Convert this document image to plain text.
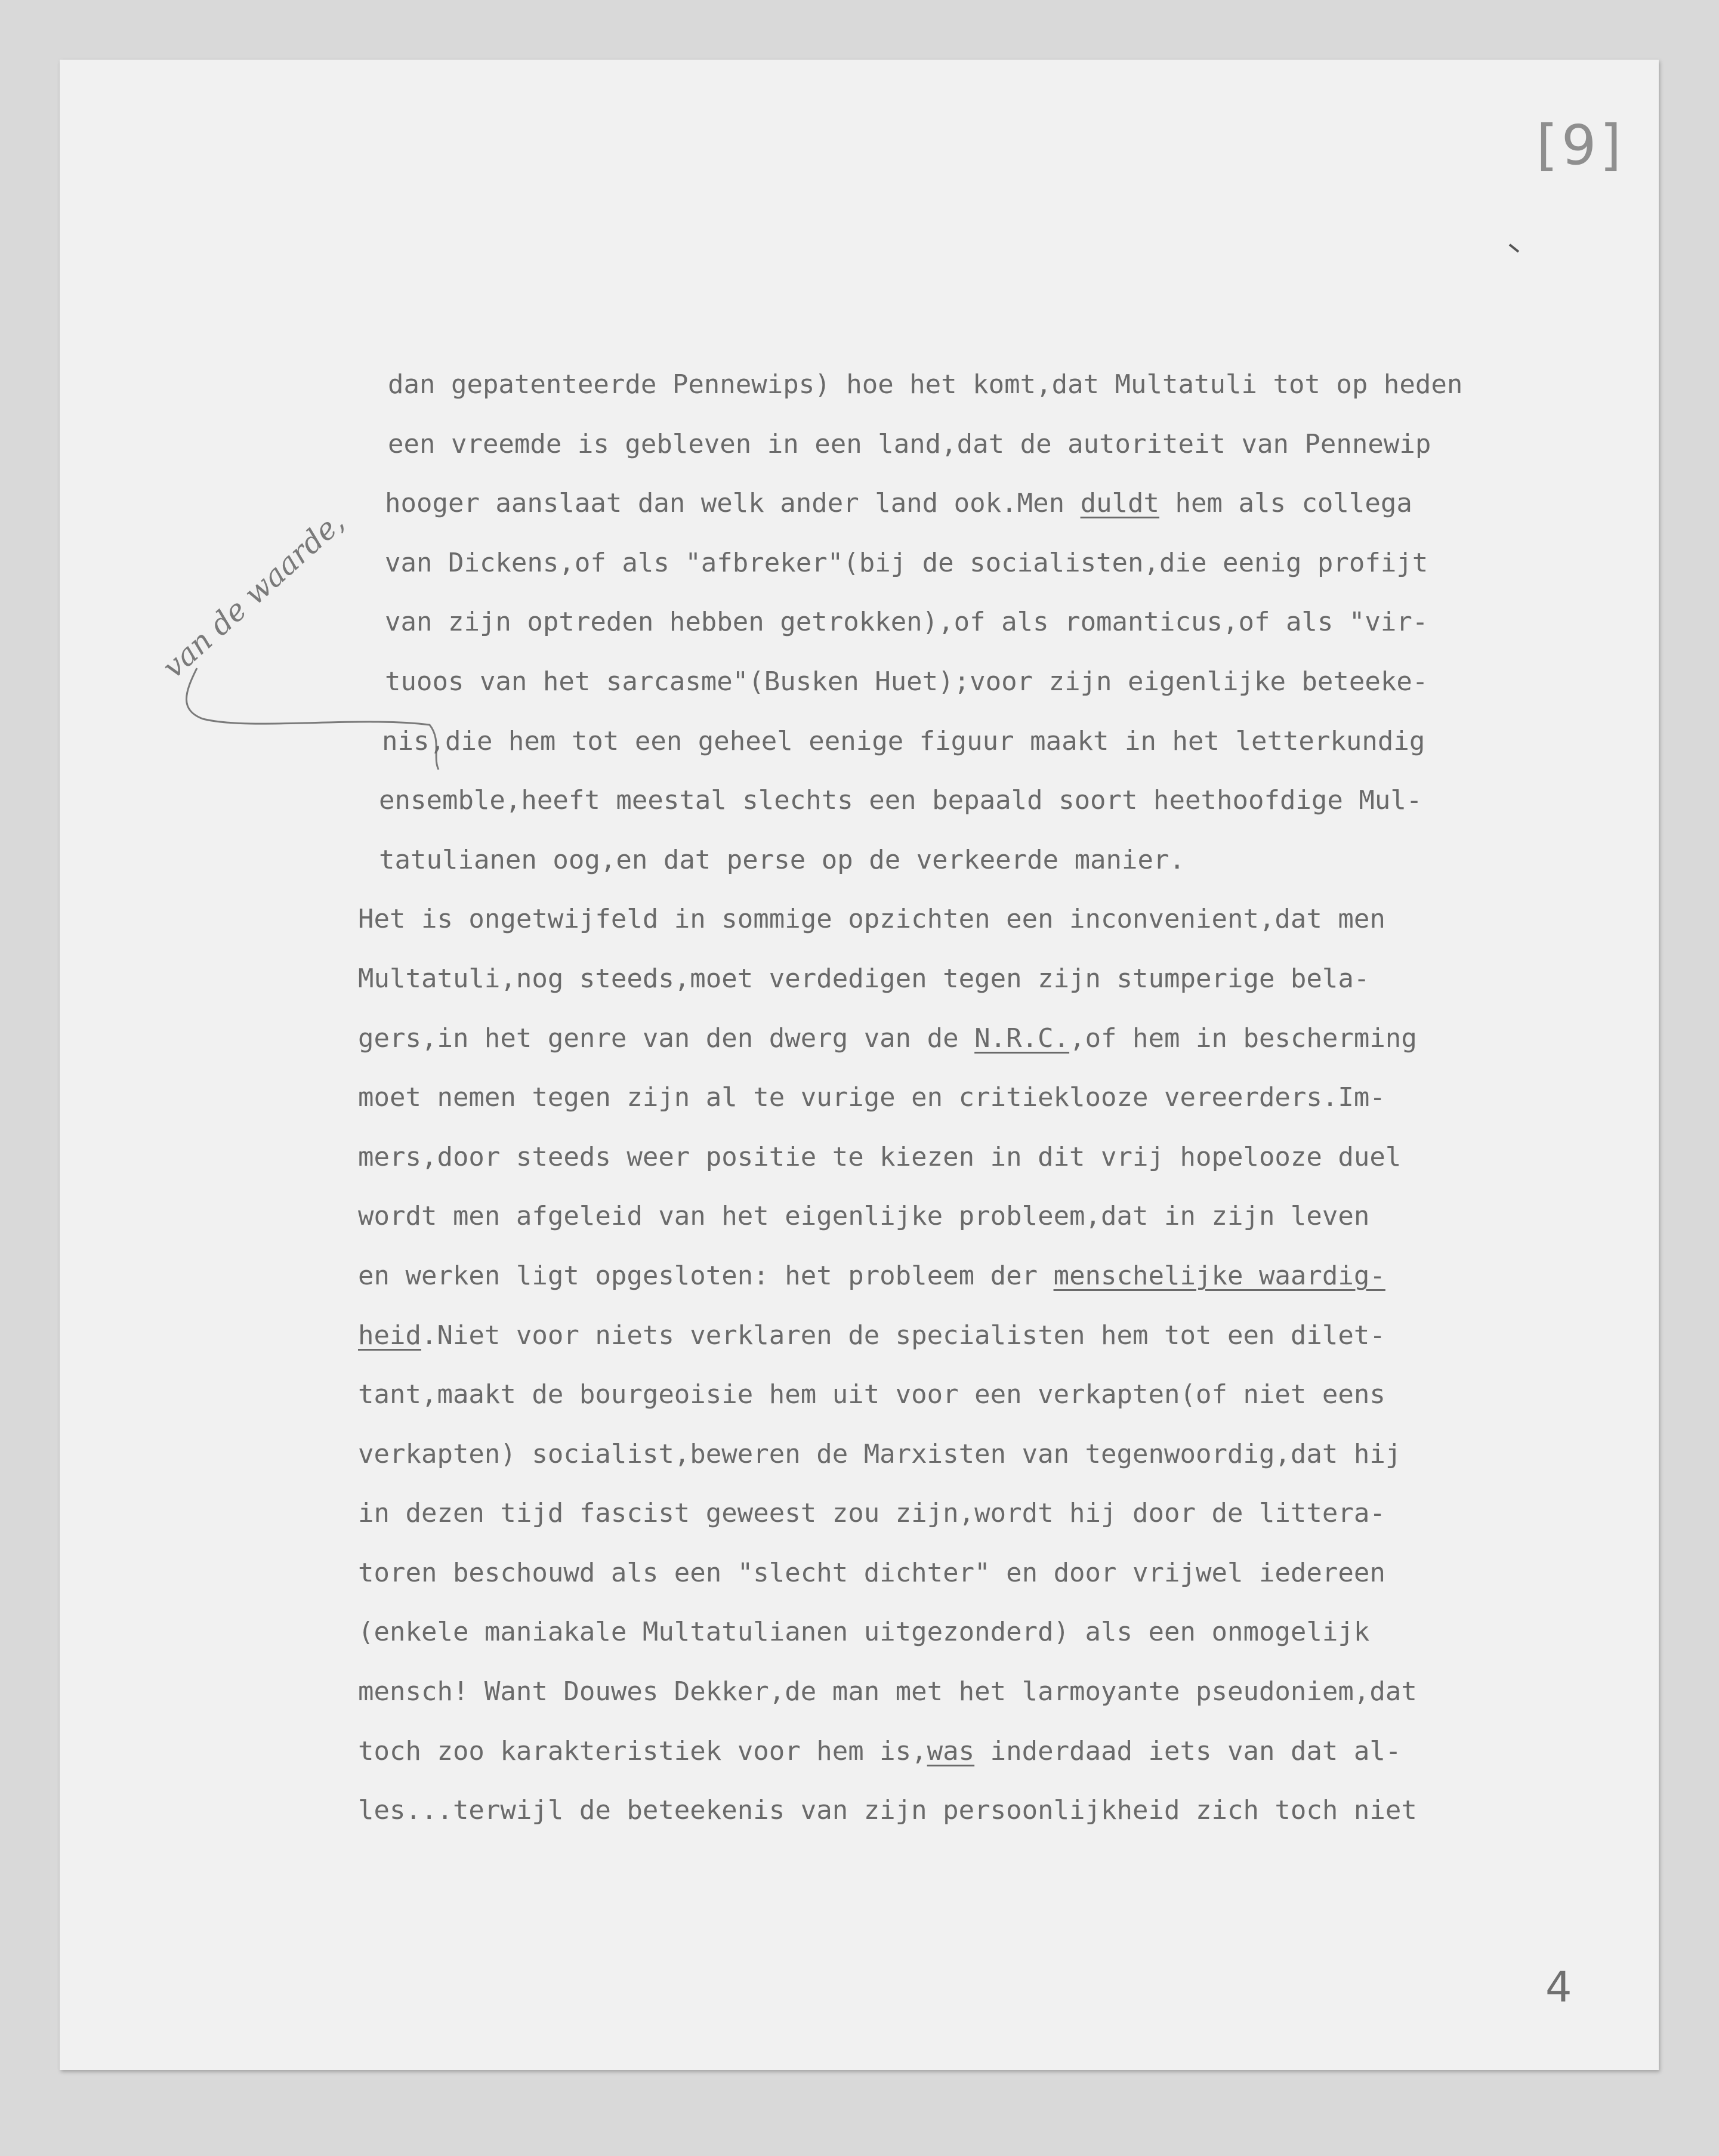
[9]
van de waarde,
dan gepatenteerde Pennewips) hoe het komt,dat Multatuli tot op heden
een vreemde is gebleven in een land,dat de autoriteit van Pennewip
hooger aanslaat dan welk ander land ook.Men duldt hem als collega
van Dickens,of als "afbreker"(bij de socialisten,die eenig profijt
van zijn optreden hebben getrokken),of als romanticus,of als "vir-
tuoos van het sarcasme"(Busken Huet);voor zijn eigenlijke beteeke-
nis,die hem tot een geheel eenige figuur maakt in het letterkundig
ensemble,heeft meestal slechts een bepaald soort heethoofdige Mul-
tatulianen oog,en dat perse op de verkeerde manier.
Het is ongetwijfeld in sommige opzichten een inconvenient,dat men
Multatuli,nog steeds,moet verdedigen tegen zijn stumperige bela-
gers,in het genre van den dwerg van de N.R.C.,of hem in bescherming
moet nemen tegen zijn al te vurige en critieklooze vereerders.Im-
mers,door steeds weer positie te kiezen in dit vrij hopelooze duel
wordt men afgeleid van het eigenlijke probleem,dat in zijn leven
en werken ligt opgesloten: het probleem der menschelijke waardig-
heid.Niet voor niets verklaren de specialisten hem tot een dilet-
tant,maakt de bourgeoisie hem uit voor een verkapten(of niet eens
verkapten) socialist,beweren de Marxisten van tegenwoordig,dat hij
in dezen tijd fascist geweest zou zijn,wordt hij door de littera-
toren beschouwd als een "slecht dichter" en door vrijwel iedereen
(enkele maniakale Multatulianen uitgezonderd) als een onmogelijk
mensch! Want Douwes Dekker,de man met het larmoyante pseudoniem,dat
toch zoo karakteristiek voor hem is,was inderdaad iets van dat al-
les...terwijl de beteekenis van zijn persoonlijkheid zich toch niet
4
